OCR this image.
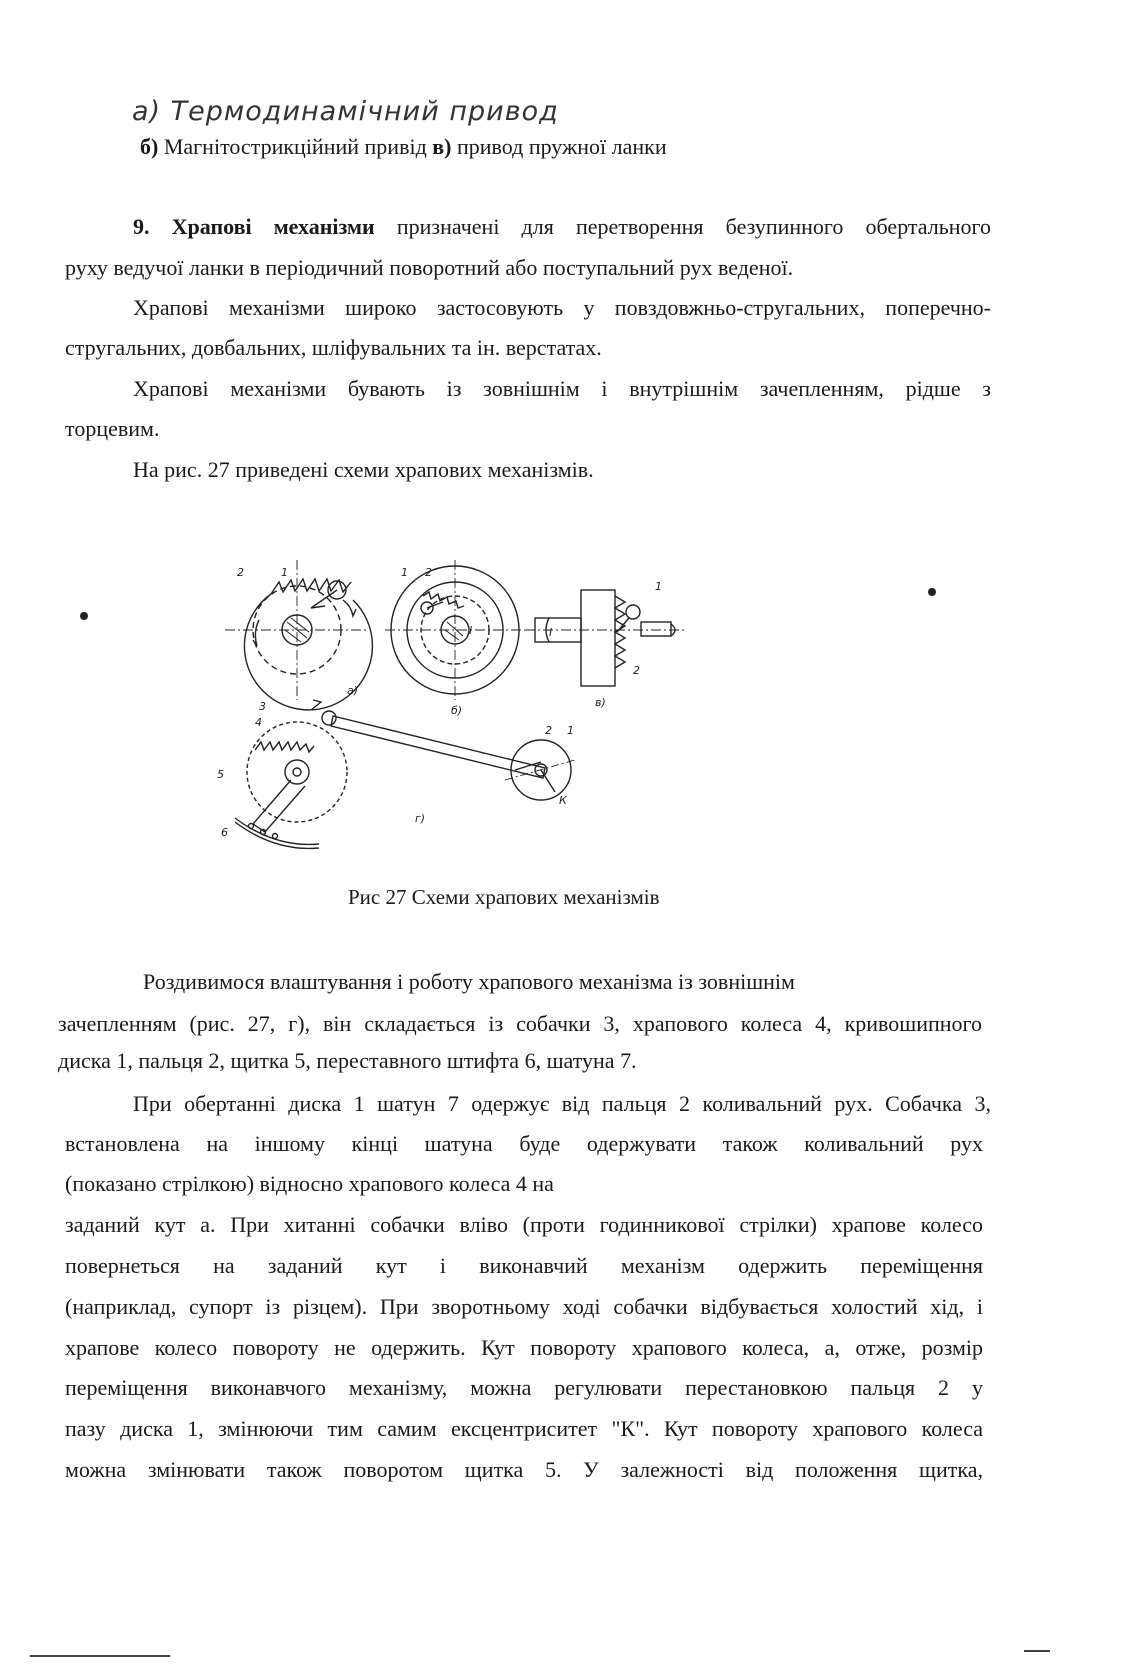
а) Термодинамічний привод
б) Магнітострикційний привід в) привод пружної ланки
9. Храпові механізми призначені для перетворення безупинного обертального
руху ведучої ланки в періодичний поворотний або поступальний рух веденої.
Храпові механізми широко застосовують у повздовжньо-стругальних, поперечно-
стругальних, довбальних, шліфувальних та ін. верстатах.
Храпові механізми бувають із зовнішнім і внутрішнім зачепленням, рідше з
торцевим.
На рис. 27 приведені схеми храпових механізмів.
2	1
а)
1 2
I
б)
I
1
2
в)
3
4
5
6
г)
2 1
К
Рис 27 Схеми храпових механізмів
Роздивимося влаштування і роботу храпового механізма із зовнішнім
зачепленням (рис. 27, г), він складається із собачки 3, храпового колеса 4, кривошипного
диска 1, пальця 2, щитка 5, переставного штифта 6, шатуна 7.
При обертанні диска 1 шатун 7 одержує від пальця 2 коливальний рух. Собачка 3,
встановлена на іншому кінці шатуна буде одержувати також коливальний рух
(показано стрілкою) відносно храпового колеса 4 на
заданий кут а. При хитанні собачки вліво (проти годинникової стрілки) храпове колесо
повернеться на заданий кут і виконавчий механізм одержить переміщення
(наприклад, супорт із різцем). При зворотньому ході собачки відбувається холостий хід, і
храпове колесо повороту не одержить. Кут повороту храпового колеса, а, отже, розмір
переміщення виконавчого механізму, можна регулювати перестановкою пальця 2 у
пазу диска 1, змінюючи тим самим ексцентриситет "К". Кут повороту храпового колеса
можна змінювати також поворотом щитка 5. У залежності від положення щитка,
